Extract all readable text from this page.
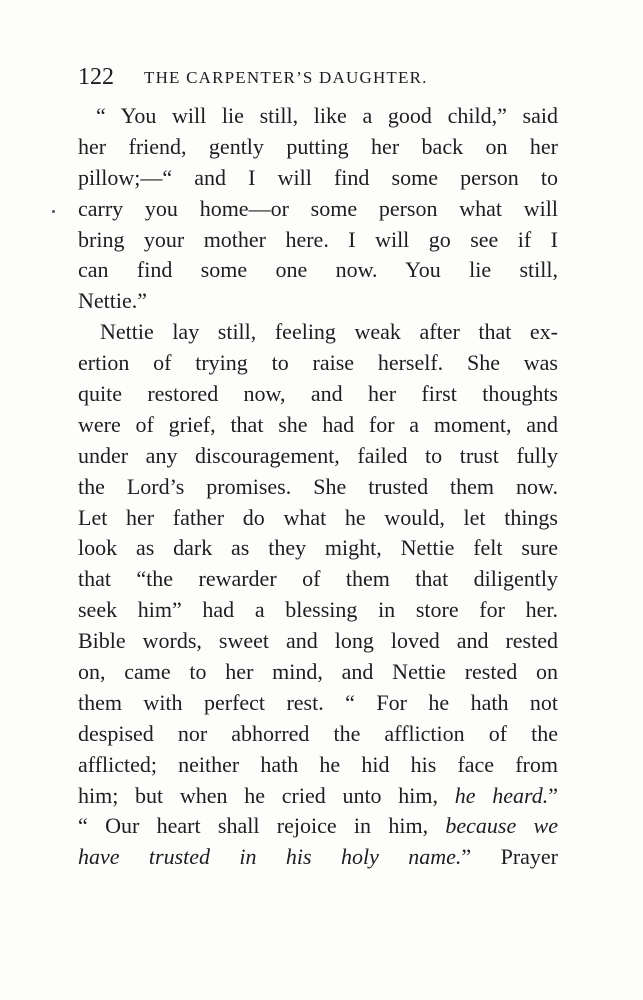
122 THE CARPENTER’S DAUGHTER.
“ You will lie still, like a good child,” said
her friend, gently putting her back on her
pillow;—“ and I will find some person to
carry you home—or some person what will
bring your mother here. I will go see if I
can find some one now. You lie still,
Nettie.”
Nettie lay still, feeling weak after that ex-
ertion of trying to raise herself. She was
quite restored now, and her first thoughts
were of grief, that she had for a moment, and
under any discouragement, failed to trust fully
the Lord’s promises. She trusted them now.
Let her father do what he would, let things
look as dark as they might, Nettie felt sure
that “the rewarder of them that diligently
seek him” had a blessing in store for her.
Bible words, sweet and long loved and rested
on, came to her mind, and Nettie rested on
them with perfect rest. “ For he hath not
despised nor abhorred the affliction of the
afflicted; neither hath he hid his face from
him; but when he cried unto him, he heard.”
“ Our heart shall rejoice in him, because we
have trusted in his holy name.” Prayer
